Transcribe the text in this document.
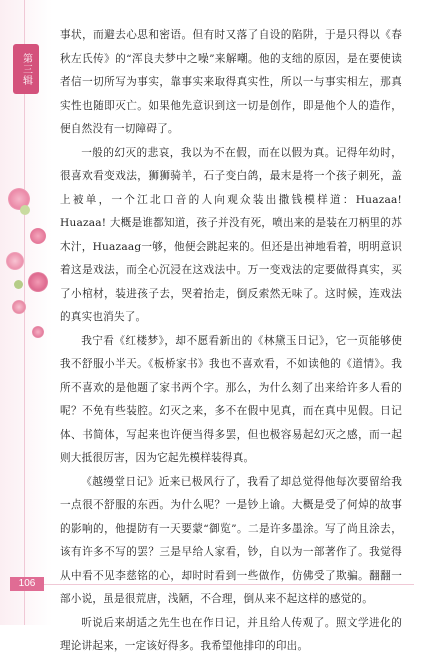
第三辑

事状，而避去心思和密语。但有时又落了自设的陷阱，于是只得以《春秋左氏传》的“浑良夫梦中之噪”来解嘲。他的支绌的原因，是在要使读者信一切所写为事实，靠事实来取得真实性，所以一与事实相左，那真实性也随即灭亡。如果他先意识到这一切是创作，即是他个人的造作，便自然没有一切障碍了。

一般的幻灭的悲哀，我以为不在假，而在以假为真。记得年幼时，很喜欢看变戏法，狮狮骑羊，石子变白鸽，最末是将一个孩子刺死，盖上被单，一个江北口音的人向观众装出撒钱模样道：Huazaa! Huazaa! 大概是谁都知道，孩子并没有死，喷出来的是装在刀柄里的苏木汁，Huazaag一够，他便会跳起来的。但还是出神地看着，明明意识着这是戏法，而全心沉浸在这戏法中。万一变戏法的定要做得真实，买了小棺材，装进孩子去，哭着抬走，倒反索然无味了。这时候，连戏法的真实也消失了。

我宁看《红楼梦》，却不愿看新出的《林黛玉日记》，它一页能够使我不舒服小半天。《板桥家书》我也不喜欢看，不如读他的《道情》。我所不喜欢的是他题了家书两个字。那么，为什么刻了出来给许多人看的呢？不免有些装腔。幻灭之来，多不在假中见真，而在真中见假。日记体、书简体，写起来也许便当得多罢，但也极容易起幻灭之感，而一起则大抵很厉害，因为它起先模样装得真。

《越缦堂日记》近来已极风行了，我看了却总觉得他每次要留给我一点很不舒服的东西。为什么呢？一是钞上谕。大概是受了何焯的故事的影响的，他提防有一天要蒙“御览”。二是许多墨涂。写了尚且涂去，该有许多不写的罢？三是早给人家看，钞，自以为一部著作了。我觉得从中看不见李慈铭的心，却时时看到一些做作，仿佛受了欺骗。翻翻一部小说，虽是很荒唐，浅陋，不合理，倒从来不起这样的感觉的。

听说后来胡适之先生也在作日记，并且给人传观了。照文学进化的理论讲起来，一定该好得多。我希望他排印的印出。

106
